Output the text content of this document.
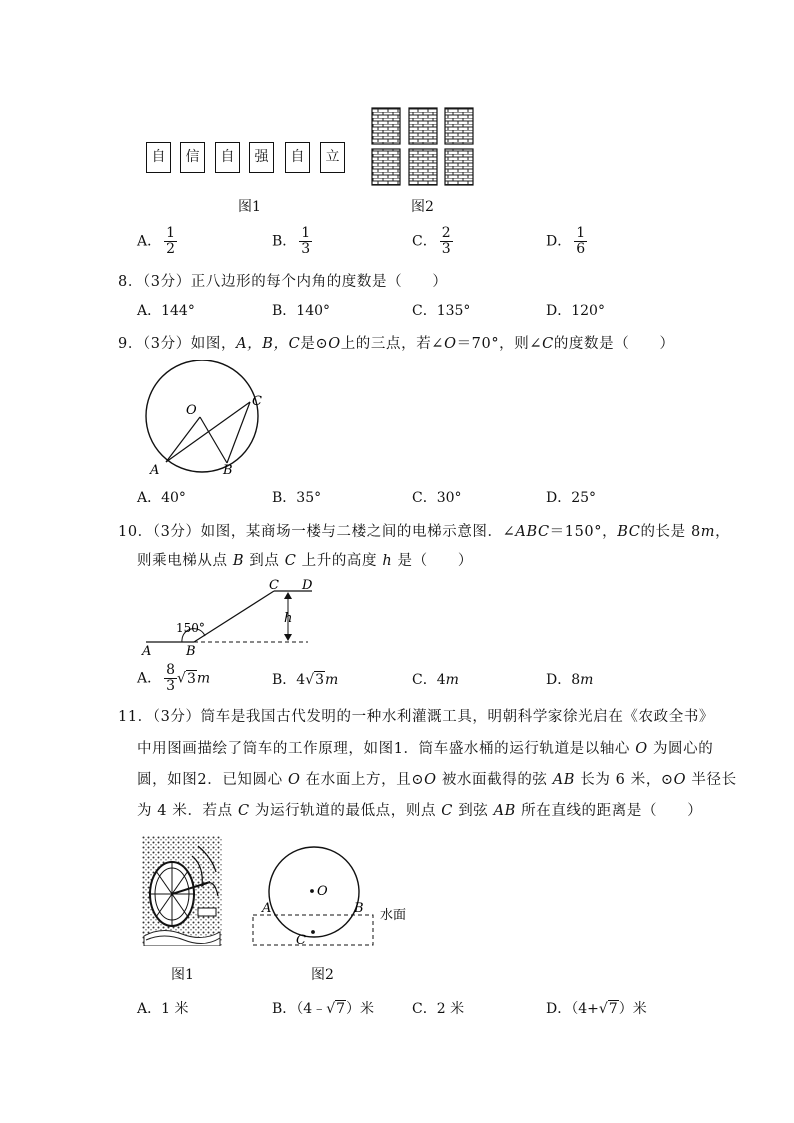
自	信	自	强	自	立
图1	图2
A． $\frac{1}{2}$	B． $\frac{1}{3}$	C． $\frac{2}{3}$	D． $\frac{1}{6}$
8．（3分）正八边形的每个内角的度数是（　　）
A．144°	B．140°	C．135°	D．120°
9．（3分）如图，A，B，C是⊙O上的三点，若∠O＝70°，则∠C的度数是（　　）
O
A	B
C
A．40°	B．35°	C．30°	D．25°
10．（3分）如图，某商场一楼与二楼之间的电梯示意图．∠ABC＝150°，BC的长是 8m，
则乘电梯从点 B 到点 C 上升的高度 h 是（　　）
A	B
C D
h
150°
A． $\frac{8}{3} √3m$	B．4√3m	C．4m	D．8m
11．（3分）筒车是我国古代发明的一种水利灌溉工具，明朝科学家徐光启在《农政全书》
中用图画描绘了筒车的工作原理，如图1．筒车盛水桶的运行轨道是以轴心 O 为圆心的
圆，如图2．已知圆心 O 在水面上方，且⊙O 被水面截得的弦 AB 长为 6 米，⊙O 半径长
为 4 米．若点 C 为运行轨道的最低点，则点 C 到弦 AB 所在直线的距离是（　　）
O
A	B
C
水面
图1	图2
A．1 米	B．（4﹣√7）米	C．2 米	D．（4+√7）米
